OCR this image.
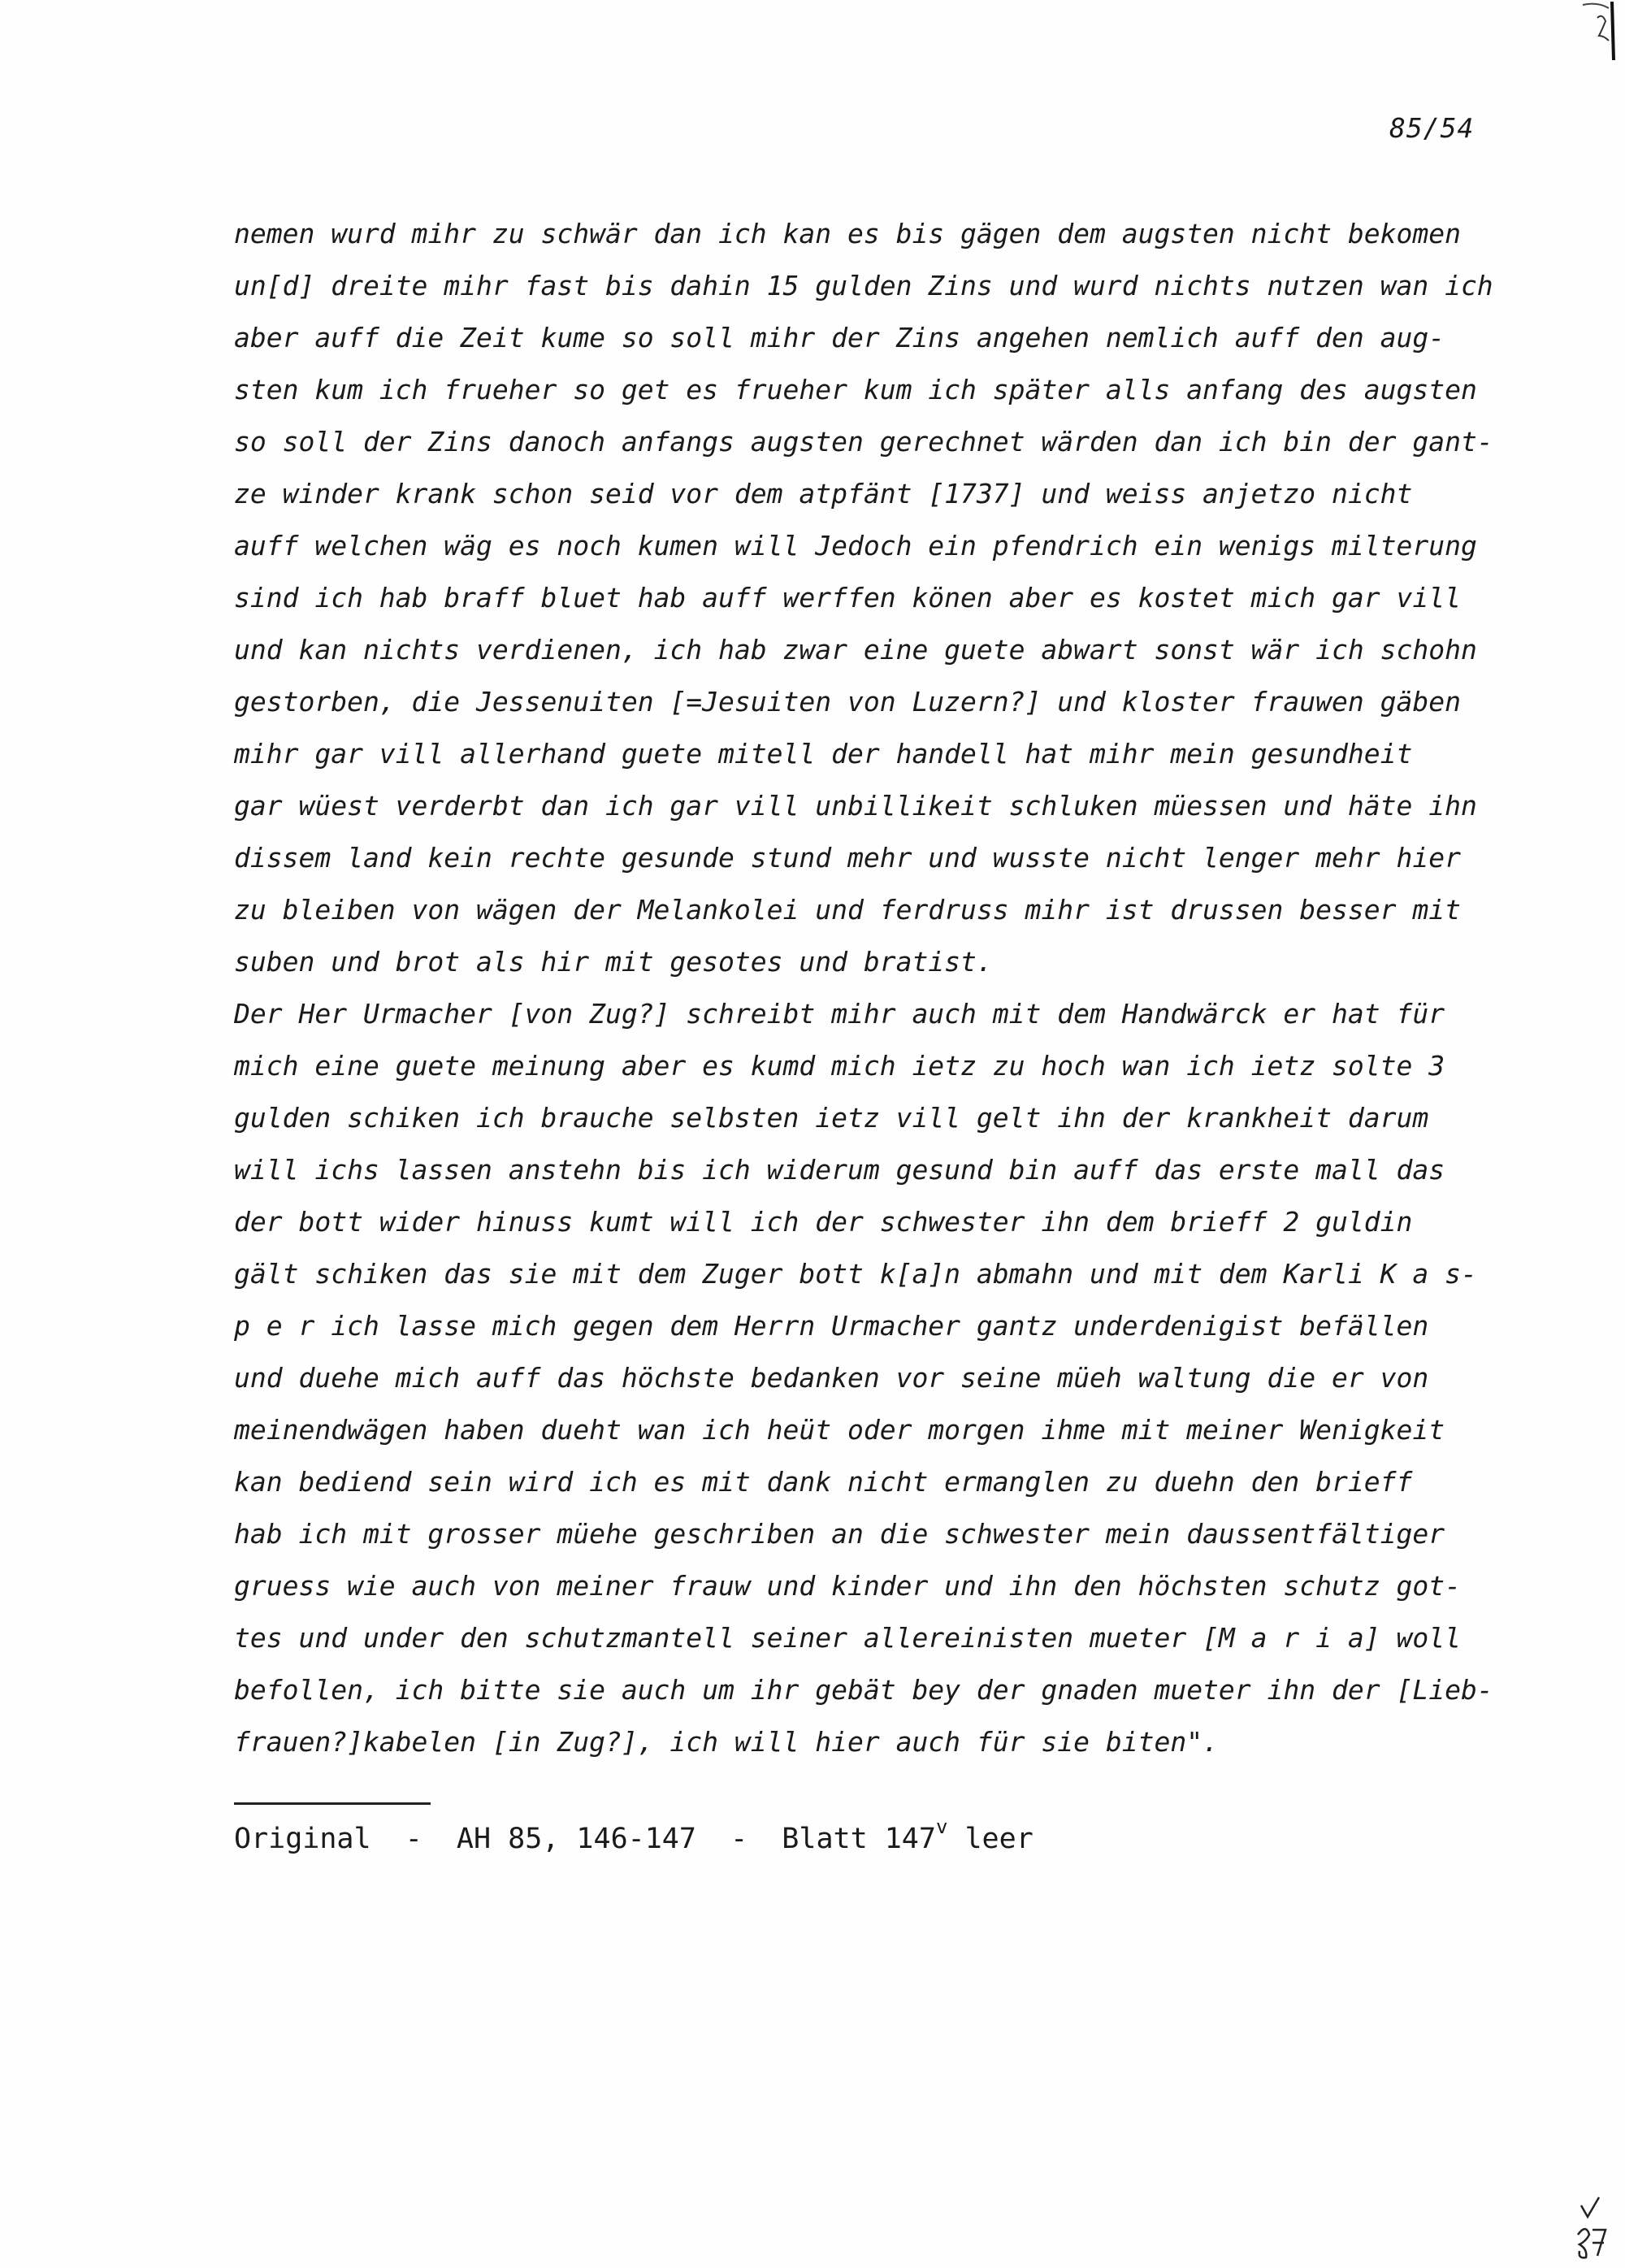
85/54
nemen wurd mihr zu schwär dan ich kan es bis gägen dem augsten nicht bekomen
un[d] dreite mihr fast bis dahin 15 gulden Zins und wurd nichts nutzen wan ich
aber auff die Zeit kume so soll mihr der Zins angehen nemlich auff den aug-
sten kum ich frueher so get es frueher kum ich später alls anfang des augsten
so soll der Zins danoch anfangs augsten gerechnet wärden dan ich bin der gant-
ze winder krank schon seid vor dem atpfänt [1737] und weiss anjetzo nicht
auff welchen wäg es noch kumen will Jedoch ein pfendrich ein wenigs milterung
sind ich hab braff bluet hab auff werffen könen aber es kostet mich gar vill
und kan nichts verdienen, ich hab zwar eine guete abwart sonst wär ich schohn
gestorben, die Jessenuiten [=Jesuiten von Luzern?] und kloster frauwen gäben
mihr gar vill allerhand guete mitell der handell hat mihr mein gesundheit
gar wüest verderbt dan ich gar vill unbillikeit schluken müessen und häte ihn
dissem land kein rechte gesunde stund mehr und wusste nicht lenger mehr hier
zu bleiben von wägen der Melankolei und ferdruss mihr ist drussen besser mit
suben und brot als hir mit gesotes und bratist.
Der Her Urmacher [von Zug?] schreibt mihr auch mit dem Handwärck er hat für
mich eine guete meinung aber es kumd mich ietz zu hoch wan ich ietz solte 3
gulden schiken ich brauche selbsten ietz vill gelt ihn der krankheit darum
will ichs lassen anstehn bis ich widerum gesund bin auff das erste mall das
der bott wider hinuss kumt will ich der schwester ihn dem brieff 2 guldin
gält schiken das sie mit dem Zuger bott k[a]n abmahn und mit dem Karli K a s-
p e r ich lasse mich gegen dem Herrn Urmacher gantz underdenigist befällen
und duehe mich auff das höchste bedanken vor seine müeh waltung die er von
meinendwägen haben dueht wan ich heüt oder morgen ihme mit meiner Wenigkeit
kan bediend sein wird ich es mit dank nicht ermanglen zu duehn den brieff
hab ich mit grosser müehe geschriben an die schwester mein daussentfältiger
gruess wie auch von meiner frauw und kinder und ihn den höchsten schutz got-
tes und under den schutzmantell seiner allereinisten mueter [M a r i a] woll
befollen, ich bitte sie auch um ihr gebät bey der gnaden mueter ihn der [Lieb-
frauen?]kabelen [in Zug?], ich will hier auch für sie biten".
Original  -  AH 85, 146-147  -  Blatt 147$^v$ leer
